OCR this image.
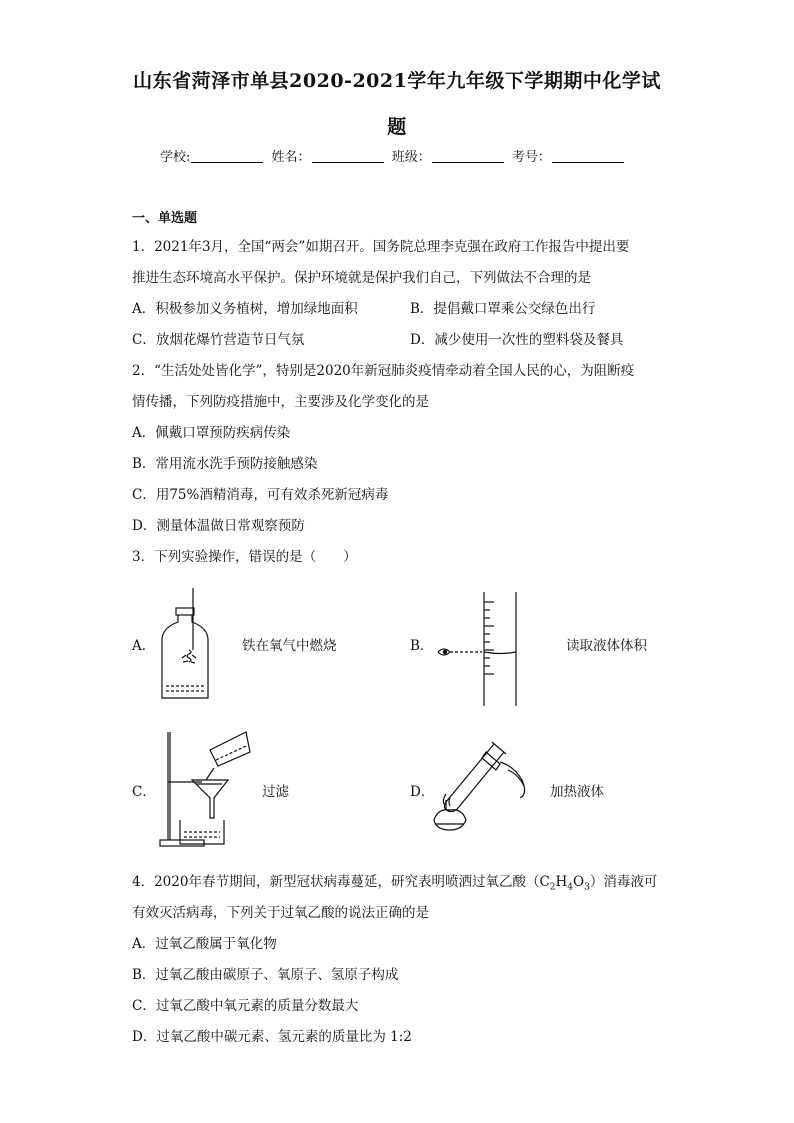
山东省菏泽市单县2020-2021学年九年级下学期期中化学试
题
学校:	姓名：	班级：	考号：
一、单选题
1．2021年3月，全国“两会”如期召开。国务院总理李克强在政府工作报告中提出要
推进生态环境高水平保护。保护环境就是保护我们自己，下列做法不合理的是
A．积极参加义务植树，增加绿地面积	B．提倡戴口罩乘公交绿色出行
C．放烟花爆竹营造节日气氛	D．减少使用一次性的塑料袋及餐具
2．“生活处处皆化学”，特别是2020年新冠肺炎疫情牵动着全国人民的心，为阻断疫
情传播，下列防疫措施中，主要涉及化学变化的是
A．佩戴口罩预防疾病传染
B．常用流水洗手预防接触感染
C．用75%酒精消毒，可有效杀死新冠病毒
D．测量体温做日常观察预防
3．下列实验操作，错误的是（　　）
A．	铁在氧气中燃烧	B．	读取液体体积
C．	过滤	D．	加热液体
4．2020年春节期间，新型冠状病毒蔓延，研究表明喷洒过氧乙酸$(C_2H_4O_3)$消毒液可
有效灭活病毒，下列关于过氧乙酸的说法正确的是
A．过氧乙酸属于氧化物
B．过氧乙酸由碳原子、氧原子、氢原子构成
C．过氧乙酸中氧元素的质量分数最大
D．过氧乙酸中碳元素、氢元素的质量比为 1:2
